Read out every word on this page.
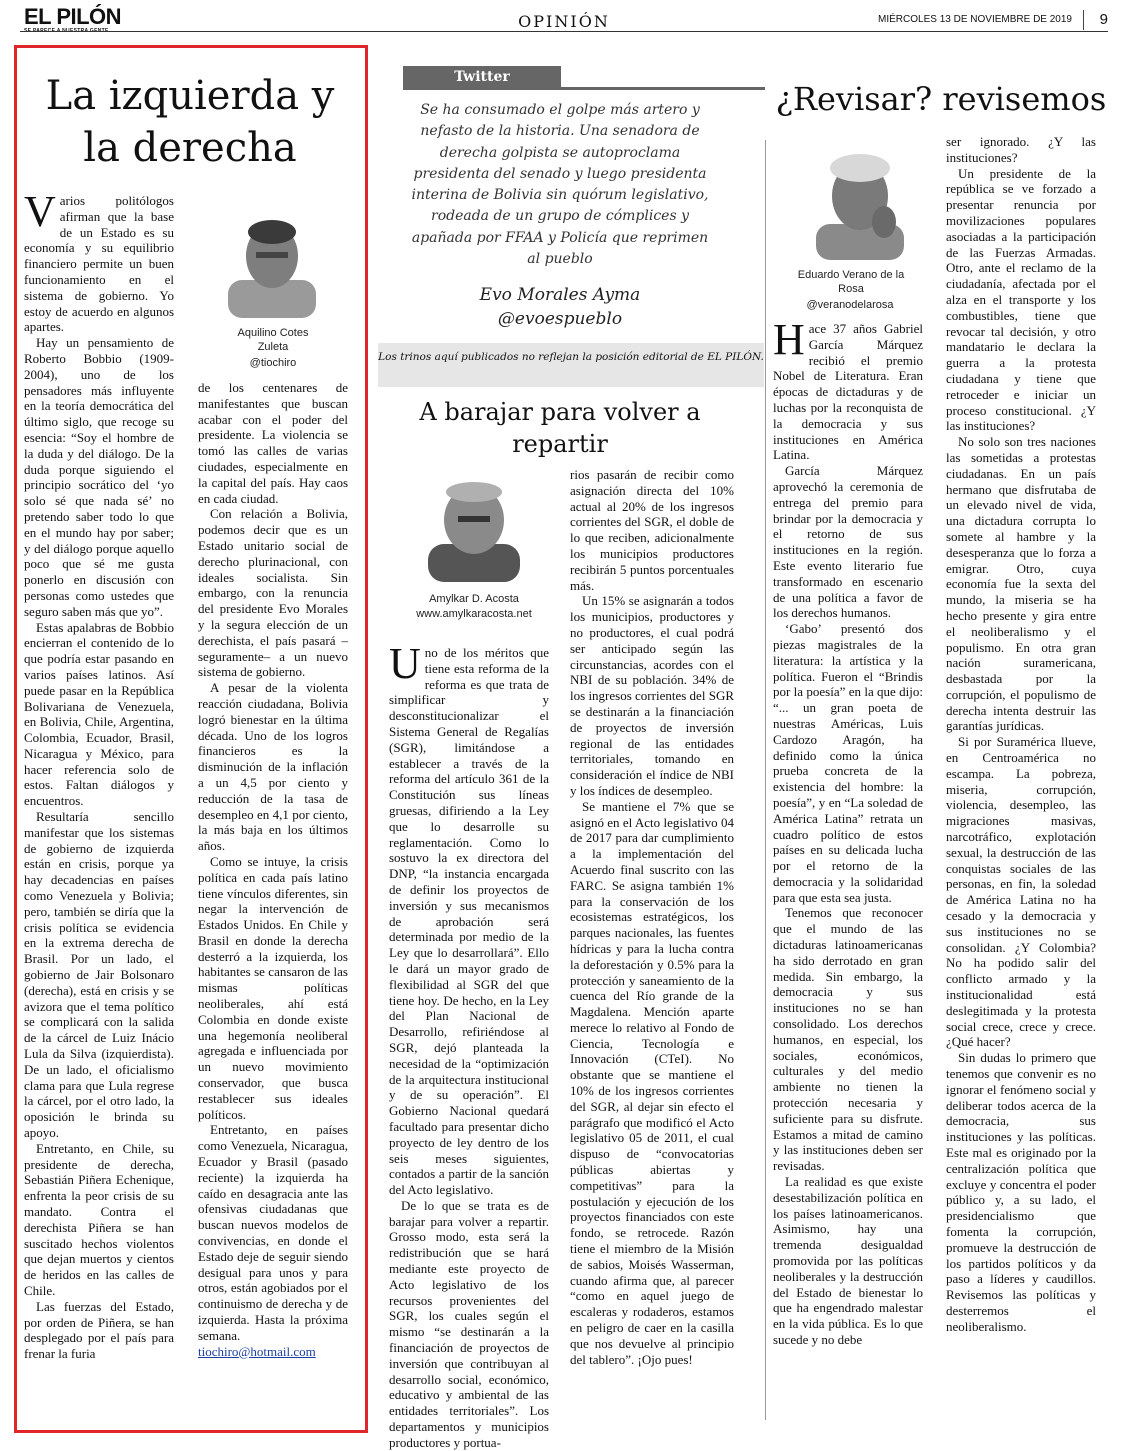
EL PILÓN	OPINIÓN	MIÉRCOLES 13 DE NOVIEMBRE DE 2019 9
La izquierda y la derecha
Aquilino Cotes Zuleta
@tiochiro

Varios politólogos afirman que la base de un Estado es su economía y su equilibrio financiero permite un buen funcionamiento en el sistema de gobierno. Yo estoy de acuerdo en algunos apartes.

Hay un pensamiento de Roberto Bobbio (1909-2004), uno de los pensadores más influyente en la teoría democrática del último siglo, que recoge su esencia: “Soy el hombre de la duda y del diálogo. De la duda porque siguiendo el principio socrático del ‘yo solo sé que nada sé’ no pretendo saber todo lo que en el mundo hay por saber; y del diálogo porque aquello poco que sé me gusta ponerlo en discusión con personas como ustedes que seguro saben más que yo”.

Estas apalabras de Bobbio encierran el contenido de lo que podría estar pasando en varios países latinos. Así puede pasar en la República Bolivariana de Venezuela, en Bolivia, Chile, Argentina, Colombia, Ecuador, Brasil, Nicaragua y México, para hacer referencia solo de estos. Faltan diálogos y encuentros.

Resultaría sencillo manifestar que los sistemas de gobierno de izquierda están en crisis, porque ya hay decadencias en países como Venezuela y Bolivia; pero, también se diría que la crisis política se evidencia en la extrema derecha de Brasil. Por un lado, el gobierno de Jair Bolsonaro (derecha), está en crisis y se avizora que el tema político se complicará con la salida de la cárcel de Luiz Inácio Lula da Silva (izquierdista). De un lado, el oficialismo clama para que Lula regrese la cárcel, por el otro lado, la oposición le brinda su apoyo.

Entretanto, en Chile, su presidente de derecha, Sebastián Piñera Echenique, enfrenta la peor crisis de su mandato. Contra el derechista Piñera se han suscitado hechos violentos que dejan muertos y cientos de heridos en las calles de Chile.

Las fuerzas del Estado, por orden de Piñera, se han desplegado por el país para frenar la furia

de los centenares de manifestantes que buscan acabar con el poder del presidente. La violencia se tomó las calles de varias ciudades, especialmente en la capital del país. Hay caos en cada ciudad.

Con relación a Bolivia, podemos decir que es un Estado unitario social de derecho plurinacional, con ideales socialista. Sin embargo, con la renuncia del presidente Evo Morales y la segura elección de un derechista, el país pasará –seguramente– a un nuevo sistema de gobierno.

A pesar de la violenta reacción ciudadana, Bolivia logró bienestar en la última década. Uno de los logros financieros es la disminución de la inflación a un 4,5 por ciento y reducción de la tasa de desempleo en 4,1 por ciento, la más baja en los últimos años.

Como se intuye, la crisis política en cada país latino tiene vínculos diferentes, sin negar la intervención de Estados Unidos. En Chile y Brasil en donde la derecha desterró a la izquierda, los habitantes se cansaron de las mismas políticas neoliberales, ahí está Colombia en donde existe una hegemonía neoliberal agregada e influenciada por un nuevo movimiento conservador, que busca restablecer sus ideales políticos.

Entretanto, en países como Venezuela, Nicaragua, Ecuador y Brasil (pasado reciente) la izquierda ha caído en desagracia ante las ofensivas ciudadanas que buscan nuevos modelos de convivencias, en donde el Estado deje de seguir siendo desigual para unos y para otros, están agobiados por el continuismo de derecha y de izquierda. Hasta la próxima semana. tiochiro@hotmail.com

Twitter
Se ha consumado el golpe más artero y nefasto de la historia. Una senadora de derecha golpista se autoproclama presidenta del senado y luego presidenta interina de Bolivia sin quórum legislativo, rodeada de un grupo de cómplices y apañada por FFAA y Policía que reprimen al pueblo
Evo Morales Ayma
@evoespueblo
Los trinos aquí publicados no reflejan la posición editorial de EL PILÓN.
A barajar para volver a repartir
Amylkar D. Acosta
www.amylkaracosta.net

Uno de los méritos que tiene esta reforma de la reforma es que trata de simplificar y desconstitucionalizar el Sistema General de Regalías (SGR), limitándose a establecer a través de la reforma del artículo 361 de la Constitución sus líneas gruesas, difiriendo a la Ley que lo desarrolle su reglamentación. Como lo sostuvo la ex directora del DNP, “la instancia encargada de definir los proyectos de inversión y sus mecanismos de aprobación será determinada por medio de la Ley que lo desarrollará”. Ello le dará un mayor grado de flexibilidad al SGR del que tiene hoy. De hecho, en la Ley del Plan Nacional de Desarrollo, refiriéndose al SGR, dejó planteada la necesidad de la “optimización de la arquitectura institucional y de su operación”. El Gobierno Nacional quedará facultado para presentar dicho proyecto de ley dentro de los seis meses siguientes, contados a partir de la sanción del Acto legislativo.

De lo que se trata es de barajar para volver a repartir. Grosso modo, esta será la redistribución que se hará mediante este proyecto de Acto legislativo de los recursos provenientes del SGR, los cuales según el mismo “se destinarán a la financiación de proyectos de inversión que contribuyan al desarrollo social, económico, educativo y ambiental de las entidades territoriales”. Los departamentos y municipios productores y portua-

rios pasarán de recibir como asignación directa del 10% actual al 20% de los ingresos corrientes del SGR, el doble de lo que reciben, adicionalmente los municipios productores recibirán 5 puntos porcentuales más.

Un 15% se asignarán a todos los municipios, productores y no productores, el cual podrá ser anticipado según las circunstancias, acordes con el NBI de su población. 34% de los ingresos corrientes del SGR se destinarán a la financiación de proyectos de inversión regional de las entidades territoriales, tomando en consideración el índice de NBI y los índices de desempleo.

Se mantiene el 7% que se asignó en el Acto legislativo 04 de 2017 para dar cumplimiento a la implementación del Acuerdo final suscrito con las FARC. Se asigna también 1% para la conservación de los ecosistemas estratégicos, los parques nacionales, las fuentes hídricas y para la lucha contra la deforestación y 0.5% para la protección y saneamiento de la cuenca del Río grande de la Magdalena. Mención aparte merece lo relativo al Fondo de Ciencia, Tecnología e Innovación (CTeI). No obstante que se mantiene el 10% de los ingresos corrientes del SGR, al dejar sin efecto el parágrafo que modificó el Acto legislativo 05 de 2011, el cual dispuso de “convocatorias públicas abiertas y competitivas” para la postulación y ejecución de los proyectos financiados con este fondo, se retrocede. Razón tiene el miembro de la Misión de sabios, Moisés Wasserman, cuando afirma que, al parecer “como en aquel juego de escaleras y rodaderos, estamos en peligro de caer en la casilla que nos devuelve al principio del tablero”. ¡Ojo pues!

¿Revisar? revisemos
Eduardo Verano de la Rosa
@veranodelarosa

Hace 37 años Gabriel García Márquez recibió el premio Nobel de Literatura. Eran épocas de dictaduras y de luchas por la reconquista de la democracia y sus instituciones en América Latina.

García Márquez aprovechó la ceremonia de entrega del premio para brindar por la democracia y el retorno de sus instituciones en la región. Este evento literario fue transformado en escenario de una política a favor de los derechos humanos.

‘Gabo’ presentó dos piezas magistrales de la literatura: la artística y la política. Fueron el “Brindis por la poesía” en la que dijo: “... un gran poeta de nuestras Américas, Luis Cardozo Aragón, ha definido como la única prueba concreta de la existencia del hombre: la poesía”, y en “La soledad de América Latina” retrata un cuadro político de estos países en su delicada lucha por el retorno de la democracia y la solidaridad para que esta sea justa.

Tenemos que reconocer que el mundo de las dictaduras latinoamericanas ha sido derrotado en gran medida. Sin embargo, la democracia y sus instituciones no se han consolidado. Los derechos humanos, en especial, los sociales, económicos, culturales y del medio ambiente no tienen la protección necesaria y suficiente para su disfrute. Estamos a mitad de camino y las instituciones deben ser revisadas.

La realidad es que existe desestabilización política en los países latinoamericanos. Asimismo, hay una tremenda desigualdad promovida por las políticas neoliberales y la destrucción del Estado de bienestar lo que ha engendrado malestar en la vida pública. Es lo que sucede y no debe

ser ignorado. ¿Y las instituciones?

Un presidente de la república se ve forzado a presentar renuncia por movilizaciones populares asociadas a la participación de las Fuerzas Armadas. Otro, ante el reclamo de la ciudadanía, afectada por el alza en el transporte y los combustibles, tiene que revocar tal decisión, y otro mandatario le declara la guerra a la protesta ciudadana y tiene que retroceder e iniciar un proceso constitucional. ¿Y las instituciones?

No solo son tres naciones las sometidas a protestas ciudadanas. En un país hermano que disfrutaba de un elevado nivel de vida, una dictadura corrupta lo somete al hambre y la desesperanza que lo forza a emigrar. Otro, cuya economía fue la sexta del mundo, la miseria se ha hecho presente y gira entre el neoliberalismo y el populismo. En otra gran nación suramericana, desbastada por la corrupción, el populismo de derecha intenta destruir las garantías jurídicas.

Si por Suramérica llueve, en Centroamérica no escampa. La pobreza, miseria, corrupción, violencia, desempleo, las migraciones masivas, narcotráfico, explotación sexual, la destrucción de las conquistas sociales de las personas, en fin, la soledad de América Latina no ha cesado y la democracia y sus instituciones no se consolidan. ¿Y Colombia? No ha podido salir del conflicto armado y la institucionalidad está deslegitimada y la protesta social crece, crece y crece. ¿Qué hacer?

Sin dudas lo primero que tenemos que convenir es no ignorar el fenómeno social y deliberar todos acerca de la democracia, sus instituciones y las políticas. Este mal es originado por la centralización política que excluye y concentra el poder público y, a su lado, el presidencialismo que fomenta la corrupción, promueve la destrucción de los partidos políticos y da paso a líderes y caudillos. Revisemos las políticas y desterremos el neoliberalismo.
